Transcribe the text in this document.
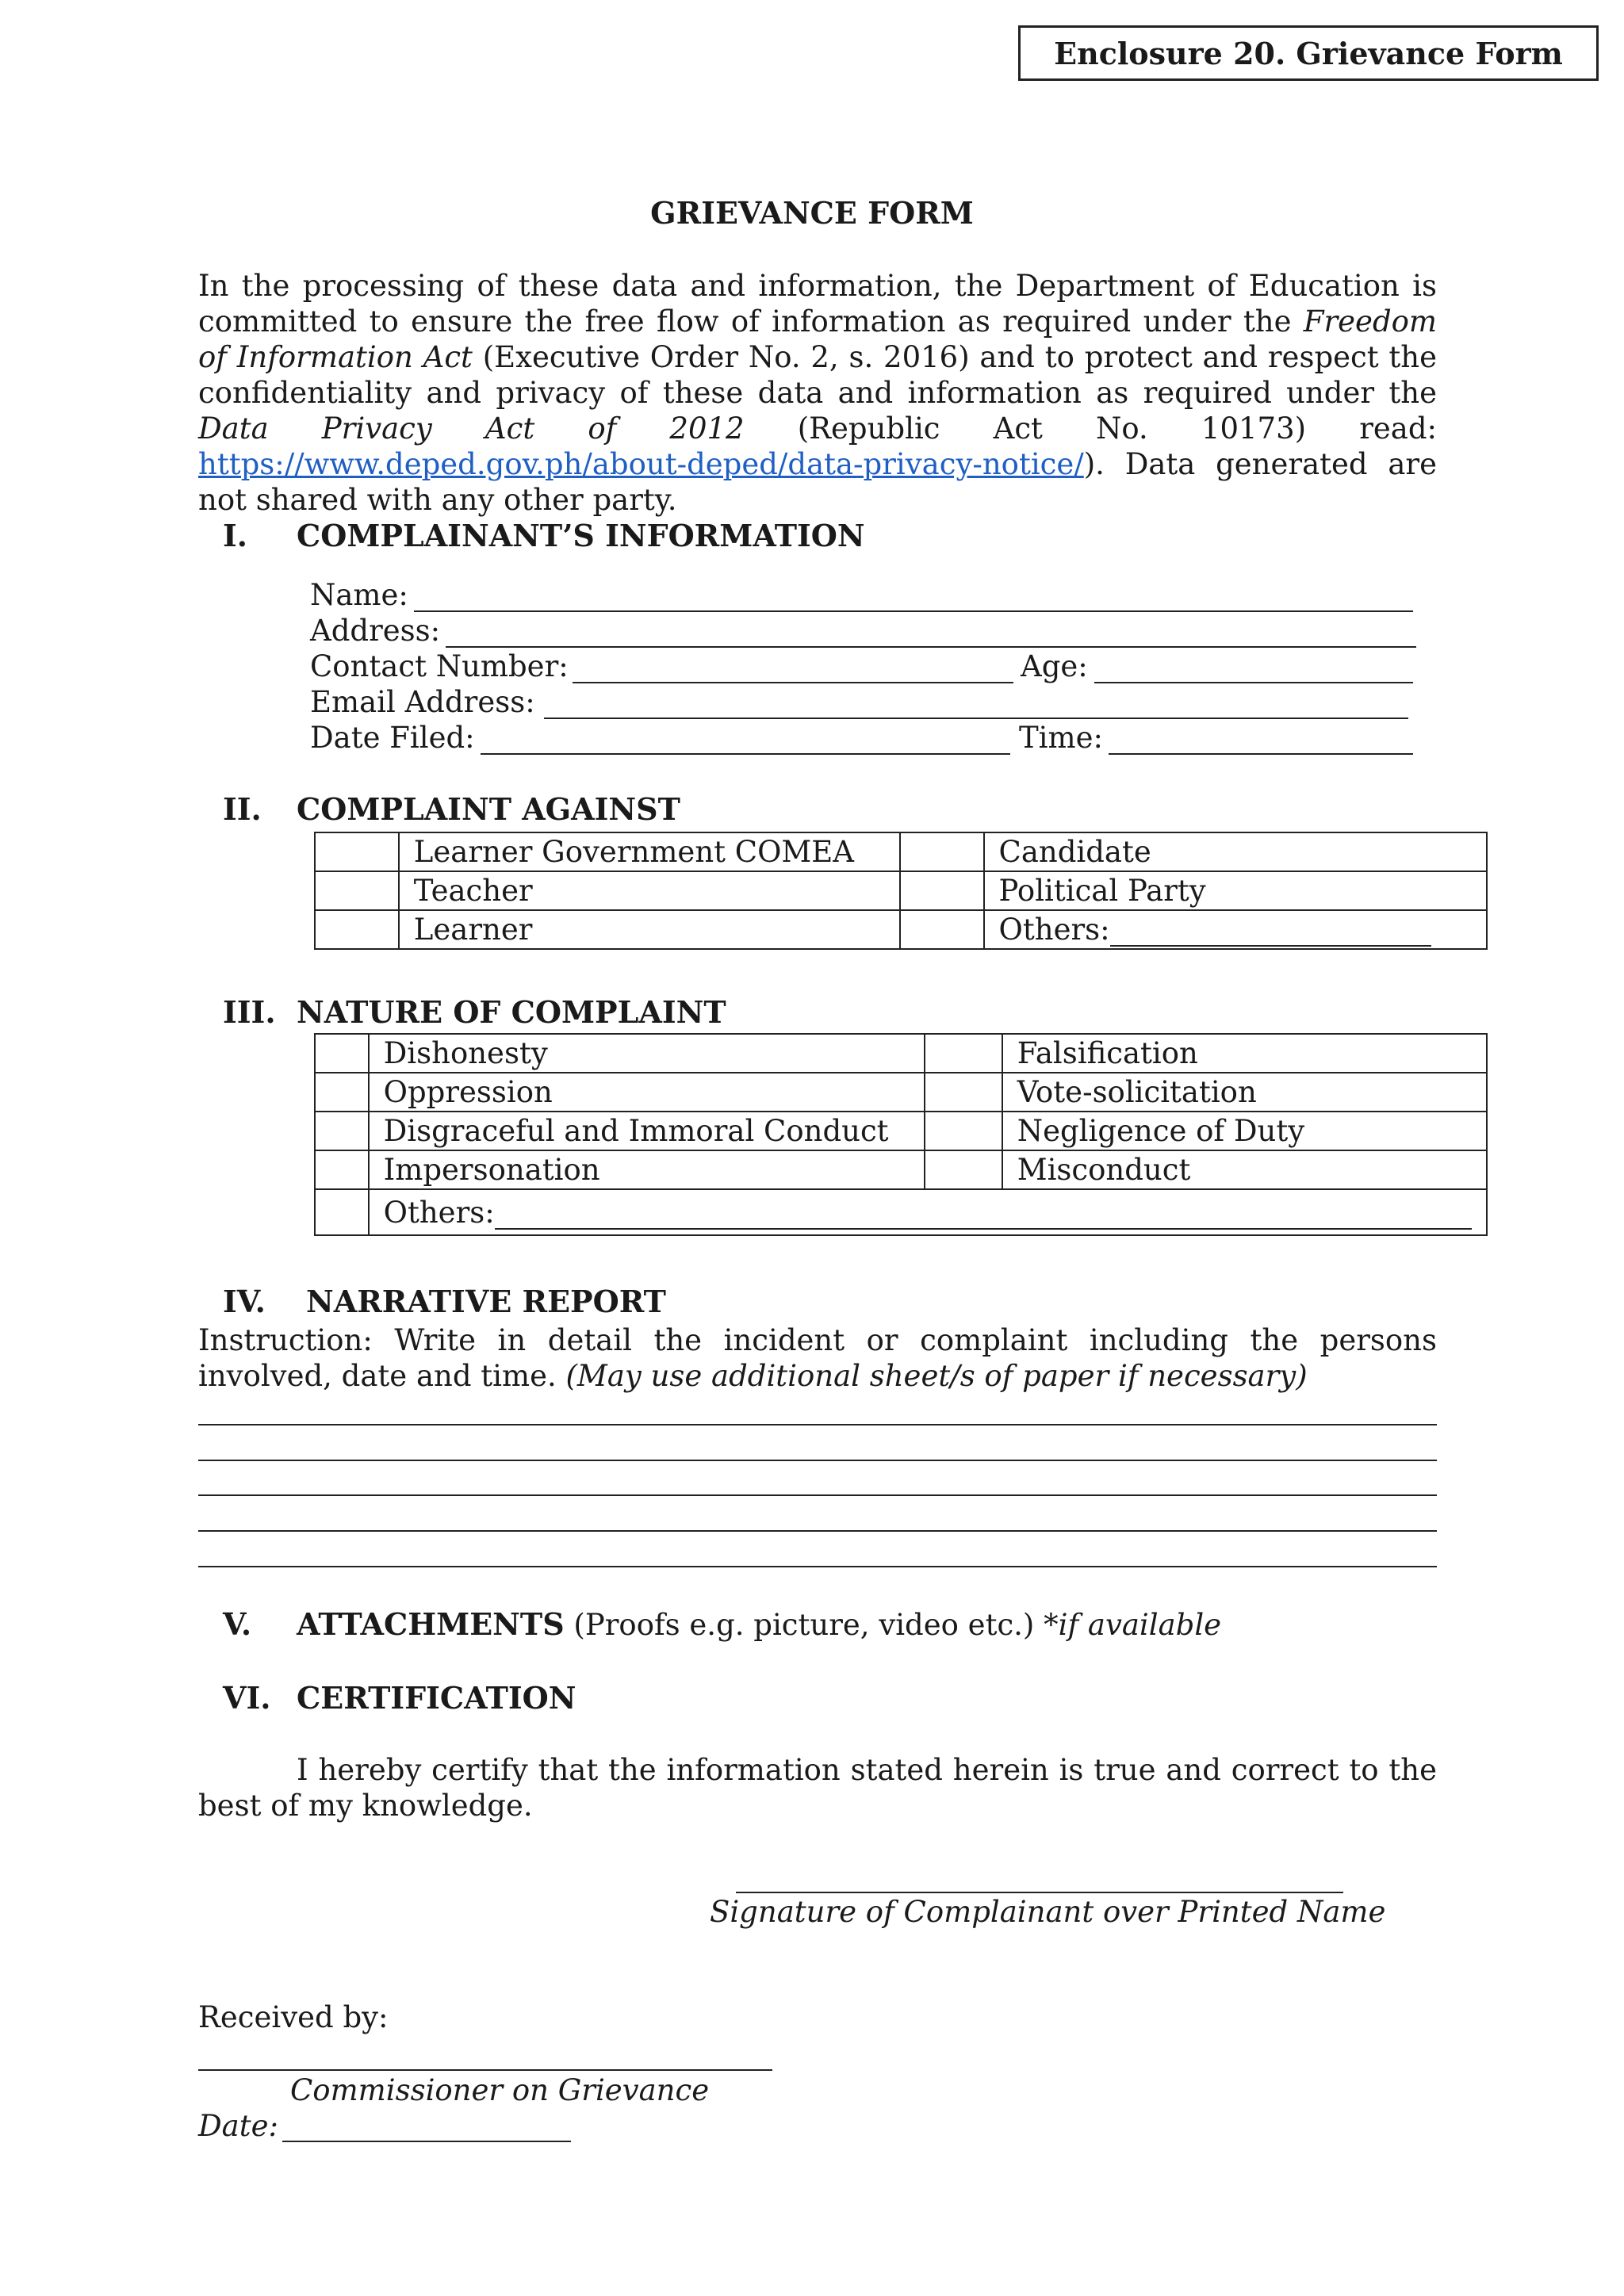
Enclosure 20. Grievance Form
GRIEVANCE FORM
In the processing of these data and information, the Department of Education is committed to ensure the free flow of information as required under the Freedom of Information Act (Executive Order No. 2, s. 2016) and to protect and respect the confidentiality and privacy of these data and information as required under the Data Privacy Act of 2012 (Republic Act No. 10173) read: https://www.deped.gov.ph/about-deped/data-privacy-notice/). Data generated are not shared with any other party.
I. COMPLAINANT’S INFORMATION
Name:
Address:
Contact Number:	Age:
Email Address:
Date Filed:	Time:
II. COMPLAINT AGAINST
	Learner Government COMEA		Candidate
	Teacher		Political Party
	Learner		Others:
III. NATURE OF COMPLAINT
	Dishonesty		Falsification
	Oppression		Vote-solicitation
	Disgraceful and Immoral Conduct		Negligence of Duty
	Impersonation		Misconduct
	Others:		
IV. NARRATIVE REPORT
Instruction: Write in detail the incident or complaint including the persons involved, date and time. (May use additional sheet/s of paper if necessary)
V. ATTACHMENTS (Proofs e.g. picture, video etc.) *if available
VI. CERTIFICATION
I hereby certify that the information stated herein is true and correct to the best of my knowledge.
Signature of Complainant over Printed Name
Received by:
Commissioner on Grievance
Date:
